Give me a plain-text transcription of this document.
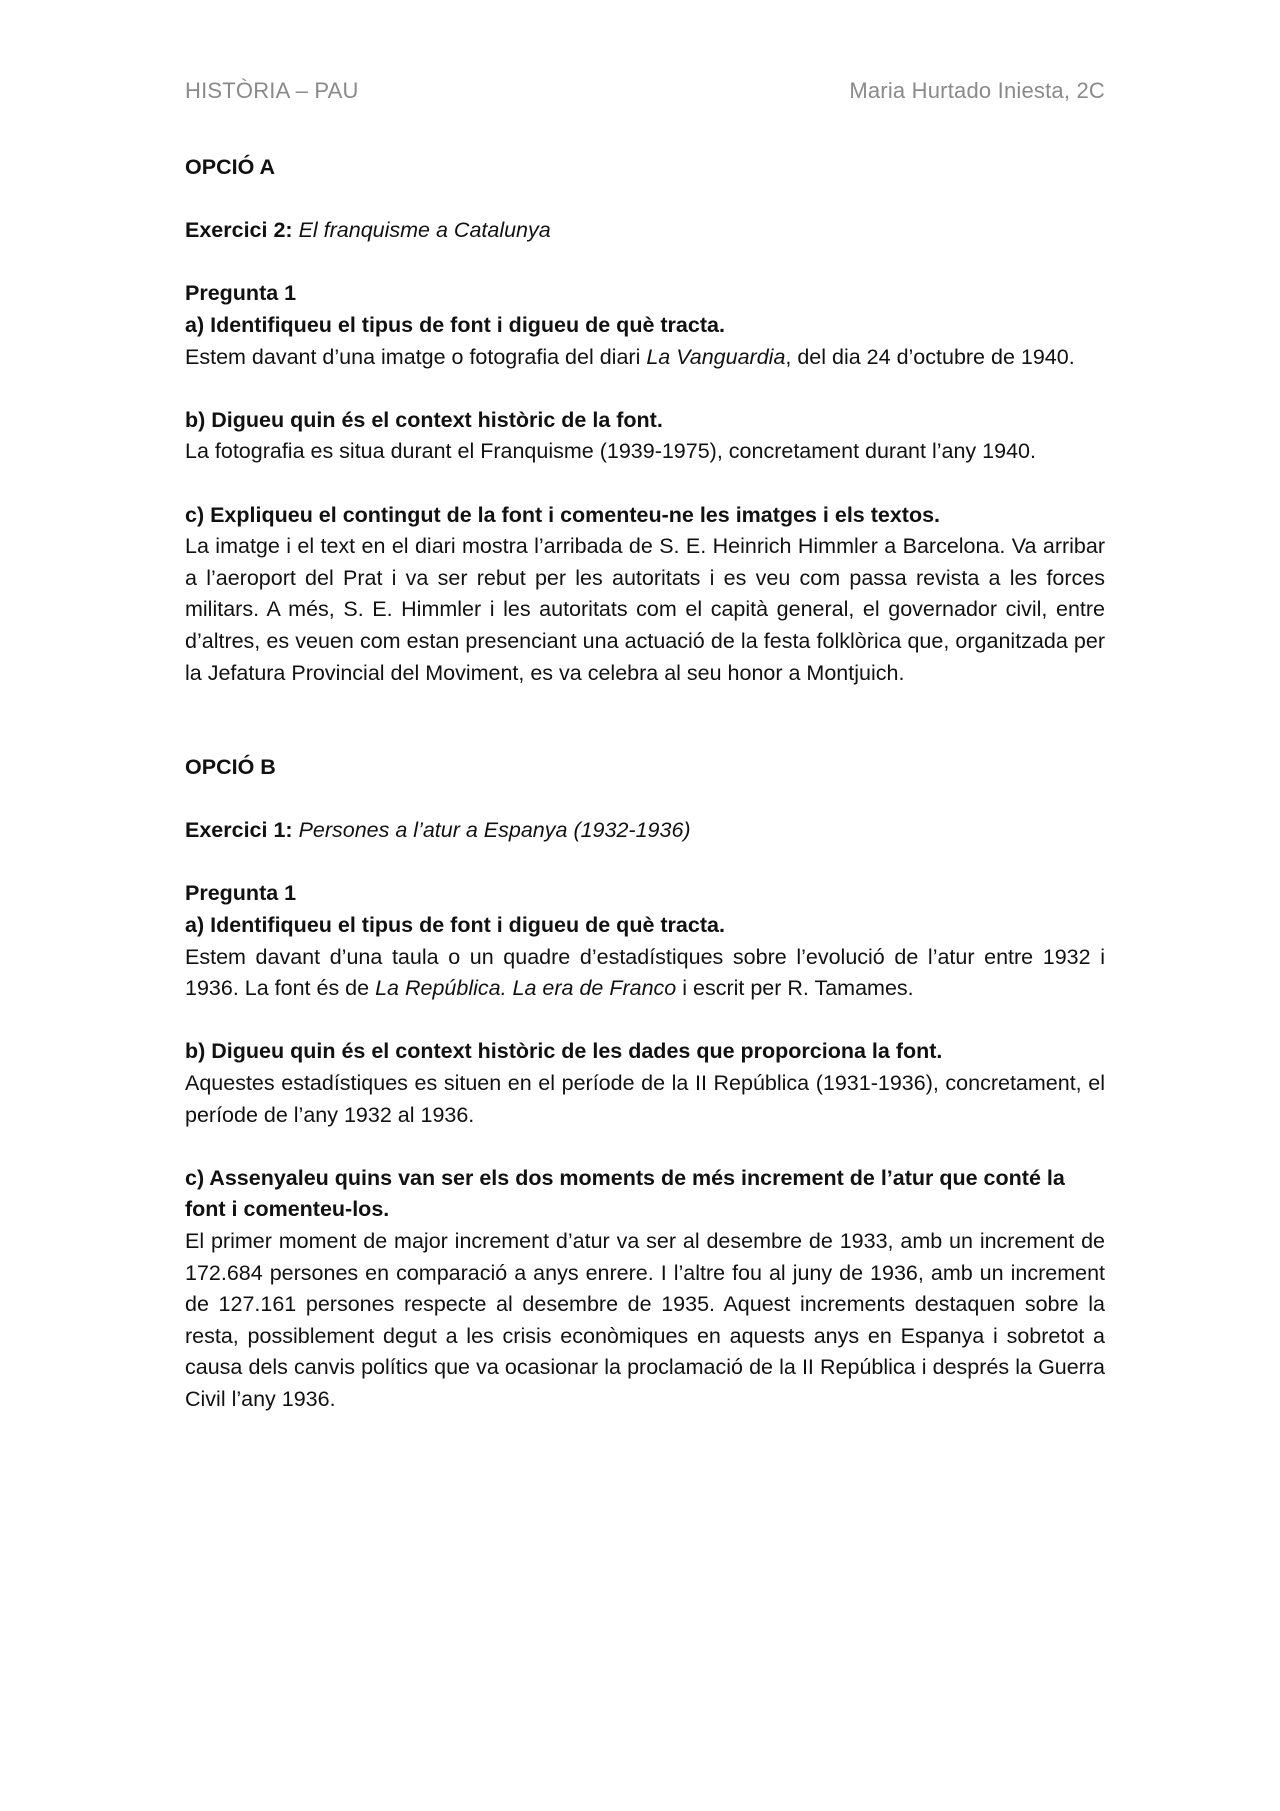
HISTÒRIA – PAU	Maria Hurtado Iniesta, 2C

OPCIÓ A

Exercici 2: El franquisme a Catalunya

Pregunta 1

a) Identifiqueu el tipus de font i digueu de què tracta.

Estem davant d’una imatge o fotografia del diari La Vanguardia, del dia 24 d’octubre de 1940.

b) Digueu quin és el context històric de la font.

La fotografia es situa durant el Franquisme (1939-1975), concretament durant l’any 1940.

c) Expliqueu el contingut de la font i comenteu-ne les imatges i els textos.

La imatge i el text en el diari mostra l’arribada de S. E. Heinrich Himmler a Barcelona. Va arribar a l’aeroport del Prat i va ser rebut per les autoritats i es veu com passa revista a les forces militars. A més, S. E. Himmler i les autoritats com el capità general, el governador civil, entre d’altres, es veuen com estan presenciant una actuació de la festa folklòrica que, organitzada per la Jefatura Provincial del Moviment, es va celebra al seu honor a Montjuich.

OPCIÓ B

Exercici 1: Persones a l’atur a Espanya (1932-1936)

Pregunta 1

a) Identifiqueu el tipus de font i digueu de què tracta.

Estem davant d’una taula o un quadre d’estadístiques sobre l’evolució de l’atur entre 1932 i 1936. La font és de La República. La era de Franco i escrit per R. Tamames.

b) Digueu quin és el context històric de les dades que proporciona la font.

Aquestes estadístiques es situen en el període de la II República (1931-1936), concretament, el període de l’any 1932 al 1936.

c) Assenyaleu quins van ser els dos moments de més increment de l’atur que conté la font i comenteu-los.

El primer moment de major increment d’atur va ser al desembre de 1933, amb un increment de 172.684 persones en comparació a anys enrere. I l’altre fou al juny de 1936, amb un increment de 127.161 persones respecte al desembre de 1935. Aquest increments destaquen sobre la resta, possiblement degut a les crisis econòmiques en aquests anys en Espanya i sobretot a causa dels canvis polítics que va ocasionar la proclamació de la II República i després la Guerra Civil l’any 1936.
